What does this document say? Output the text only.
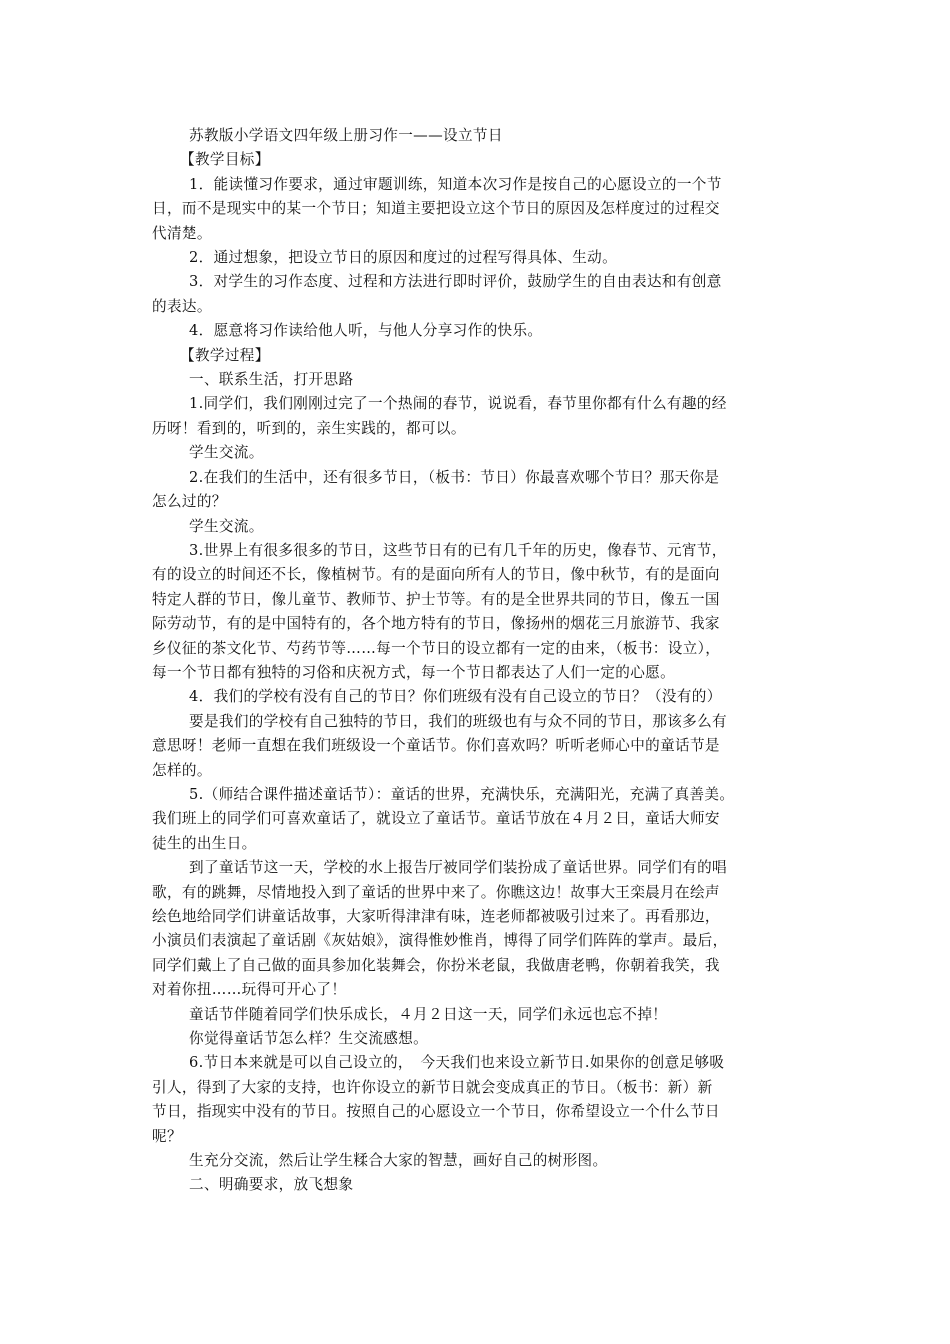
苏教版小学语文四年级上册习作一——设立节日
【教学目标】
1．能读懂习作要求，通过审题训练，知道本次习作是按自己的心愿设立的一个节
日，而不是现实中的某一个节日；知道主要把设立这个节日的原因及怎样度过的过程交
代清楚。
2．通过想象，把设立节日的原因和度过的过程写得具体、生动。
3．对学生的习作态度、过程和方法进行即时评价，鼓励学生的自由表达和有创意
的表达。
4．愿意将习作读给他人听，与他人分享习作的快乐。
【教学过程】
一、联系生活，打开思路
1.同学们，我们刚刚过完了一个热闹的春节，说说看，春节里你都有什么有趣的经
历呀！看到的，听到的，亲生实践的，都可以。
学生交流。
2.在我们的生活中，还有很多节日，（板书：节日）你最喜欢哪个节日？那天你是
怎么过的？
学生交流。
3.世界上有很多很多的节日，这些节日有的已有几千年的历史，像春节、元宵节，
有的设立的时间还不长，像植树节。有的是面向所有人的节日，像中秋节，有的是面向
特定人群的节日，像儿童节、教师节、护士节等。有的是全世界共同的节日，像五一国
际劳动节，有的是中国特有的，各个地方特有的节日，像扬州的烟花三月旅游节、我家
乡仪征的茶文化节、芍药节等……每一个节日的设立都有一定的由来，（板书：设立），
每一个节日都有独特的习俗和庆祝方式，每一个节日都表达了人们一定的心愿。
4．我们的学校有没有自己的节日？你们班级有没有自己设立的节日？（没有的）
要是我们的学校有自己独特的节日，我们的班级也有与众不同的节日，那该多么有
意思呀！老师一直想在我们班级设一个童话节。你们喜欢吗？听听老师心中的童话节是
怎样的。
5.（师结合课件描述童话节）：童话的世界，充满快乐，充满阳光，充满了真善美。
我们班上的同学们可喜欢童话了，就设立了童话节。童话节放在４月２日，童话大师安
徒生的出生日。
到了童话节这一天，学校的水上报告厅被同学们装扮成了童话世界。同学们有的唱
歌，有的跳舞，尽情地投入到了童话的世界中来了。你瞧这边！故事大王栾晨月在绘声
绘色地给同学们讲童话故事，大家听得津津有味，连老师都被吸引过来了。再看那边，
小演员们表演起了童话剧《灰姑娘》，演得惟妙惟肖，博得了同学们阵阵的掌声。最后，
同学们戴上了自己做的面具参加化装舞会，你扮米老鼠，我做唐老鸭，你朝着我笑，我
对着你扭……玩得可开心了！
童话节伴随着同学们快乐成长，４月２日这一天，同学们永远也忘不掉！
你觉得童话节怎么样？生交流感想。
6.节日本来就是可以自己设立的，　今天我们也来设立新节日.如果你的创意足够吸
引人，得到了大家的支持，也许你设立的新节日就会变成真正的节日。（板书：新）新
节日，指现实中没有的节日。按照自己的心愿设立一个节日，你希望设立一个什么节日
呢？
生充分交流，然后让学生糅合大家的智慧，画好自己的树形图。
二、明确要求，放飞想象
